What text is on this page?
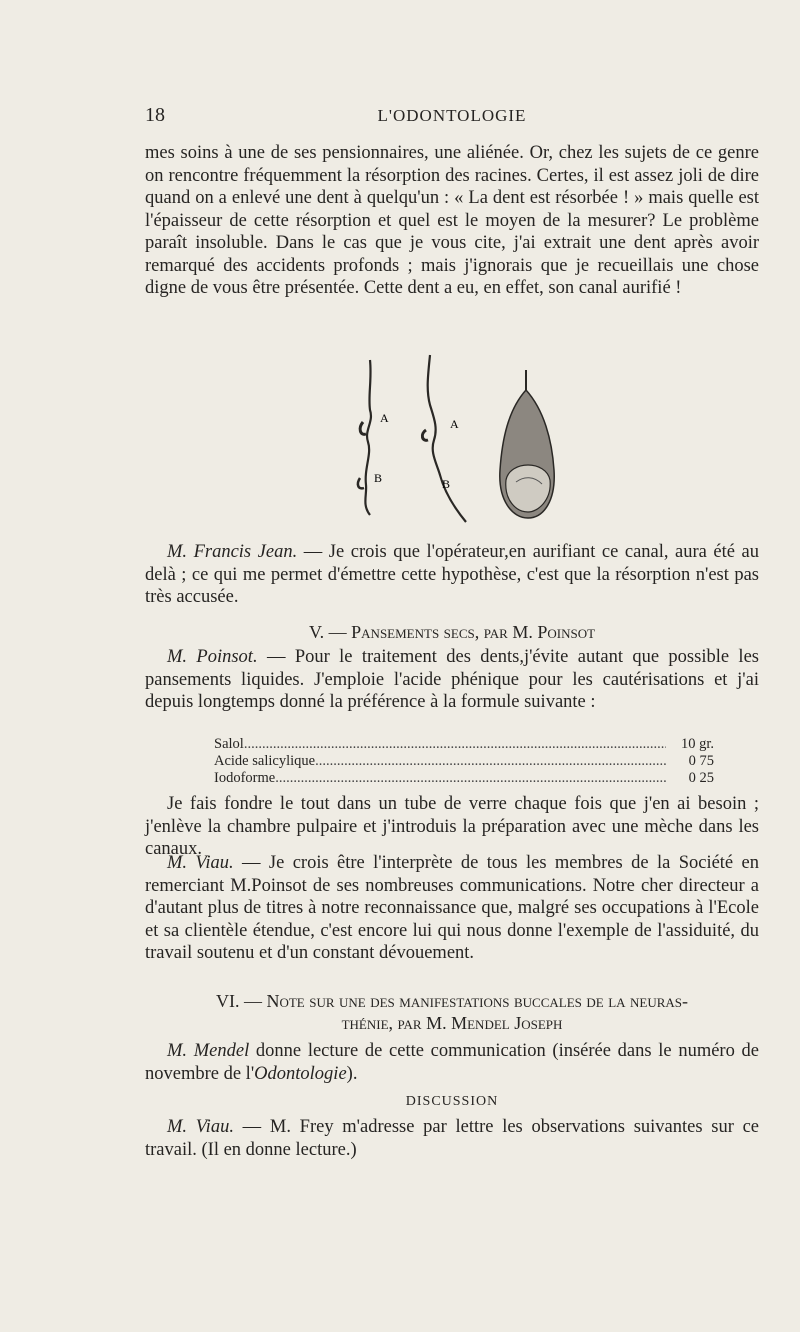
18	L'ODONTOLOGIE

mes soins à une de ses pensionnaires, une aliénée. Or, chez les sujets de ce genre on rencontre fréquemment la résorption des racines. Certes, il est assez joli de dire quand on a enlevé une dent à quelqu'un : « La dent est résorbée ! » mais quelle est l'épaisseur de cette résorption et quel est le moyen de la mesurer? Le problème paraît insoluble. Dans le cas que je vous cite, j'ai extrait une dent après avoir remarqué des accidents profonds ; mais j'ignorais que je recueillais une chose digne de vous être présentée. Cette dent a eu, en effet, son canal aurifié !

A
B
A
B

M. Francis Jean. — Je crois que l'opérateur,en aurifiant ce canal, aura été au delà ; ce qui me permet d'émettre cette hypothèse, c'est que la résorption n'est pas très accusée.

V. — Pansements secs, par M. Poinsot

M. Poinsot. — Pour le traitement des dents,j'évite autant que possible les pansements liquides. J'emploie l'acide phénique pour les cautérisations et j'ai depuis longtemps donné la préférence à la formule suivante :

Salol .....	10 gr.
Acide salicylique .....	0 75
Iodoforme .....	0 25

Je fais fondre le tout dans un tube de verre chaque fois que j'en ai besoin ; j'enlève la chambre pulpaire et j'introduis la préparation avec une mèche dans les canaux.

M. Viau. — Je crois être l'interprète de tous les membres de la Société en remerciant M.Poinsot de ses nombreuses communications. Notre cher directeur a d'autant plus de titres à notre reconnaissance que, malgré ses occupations à l'Ecole et sa clientèle étendue, c'est encore lui qui nous donne l'exemple de l'assiduité, du travail soutenu et d'un constant dévouement.

VI. — Note sur une des manifestations buccales de la neuras-

thénie, par M. Mendel Joseph

M. Mendel donne lecture de cette communication (insérée dans le numéro de novembre de l'Odontologie).

DISCUSSION

M. Viau. — M. Frey m'adresse par lettre les observations suivantes sur ce travail. (Il en donne lecture.)
